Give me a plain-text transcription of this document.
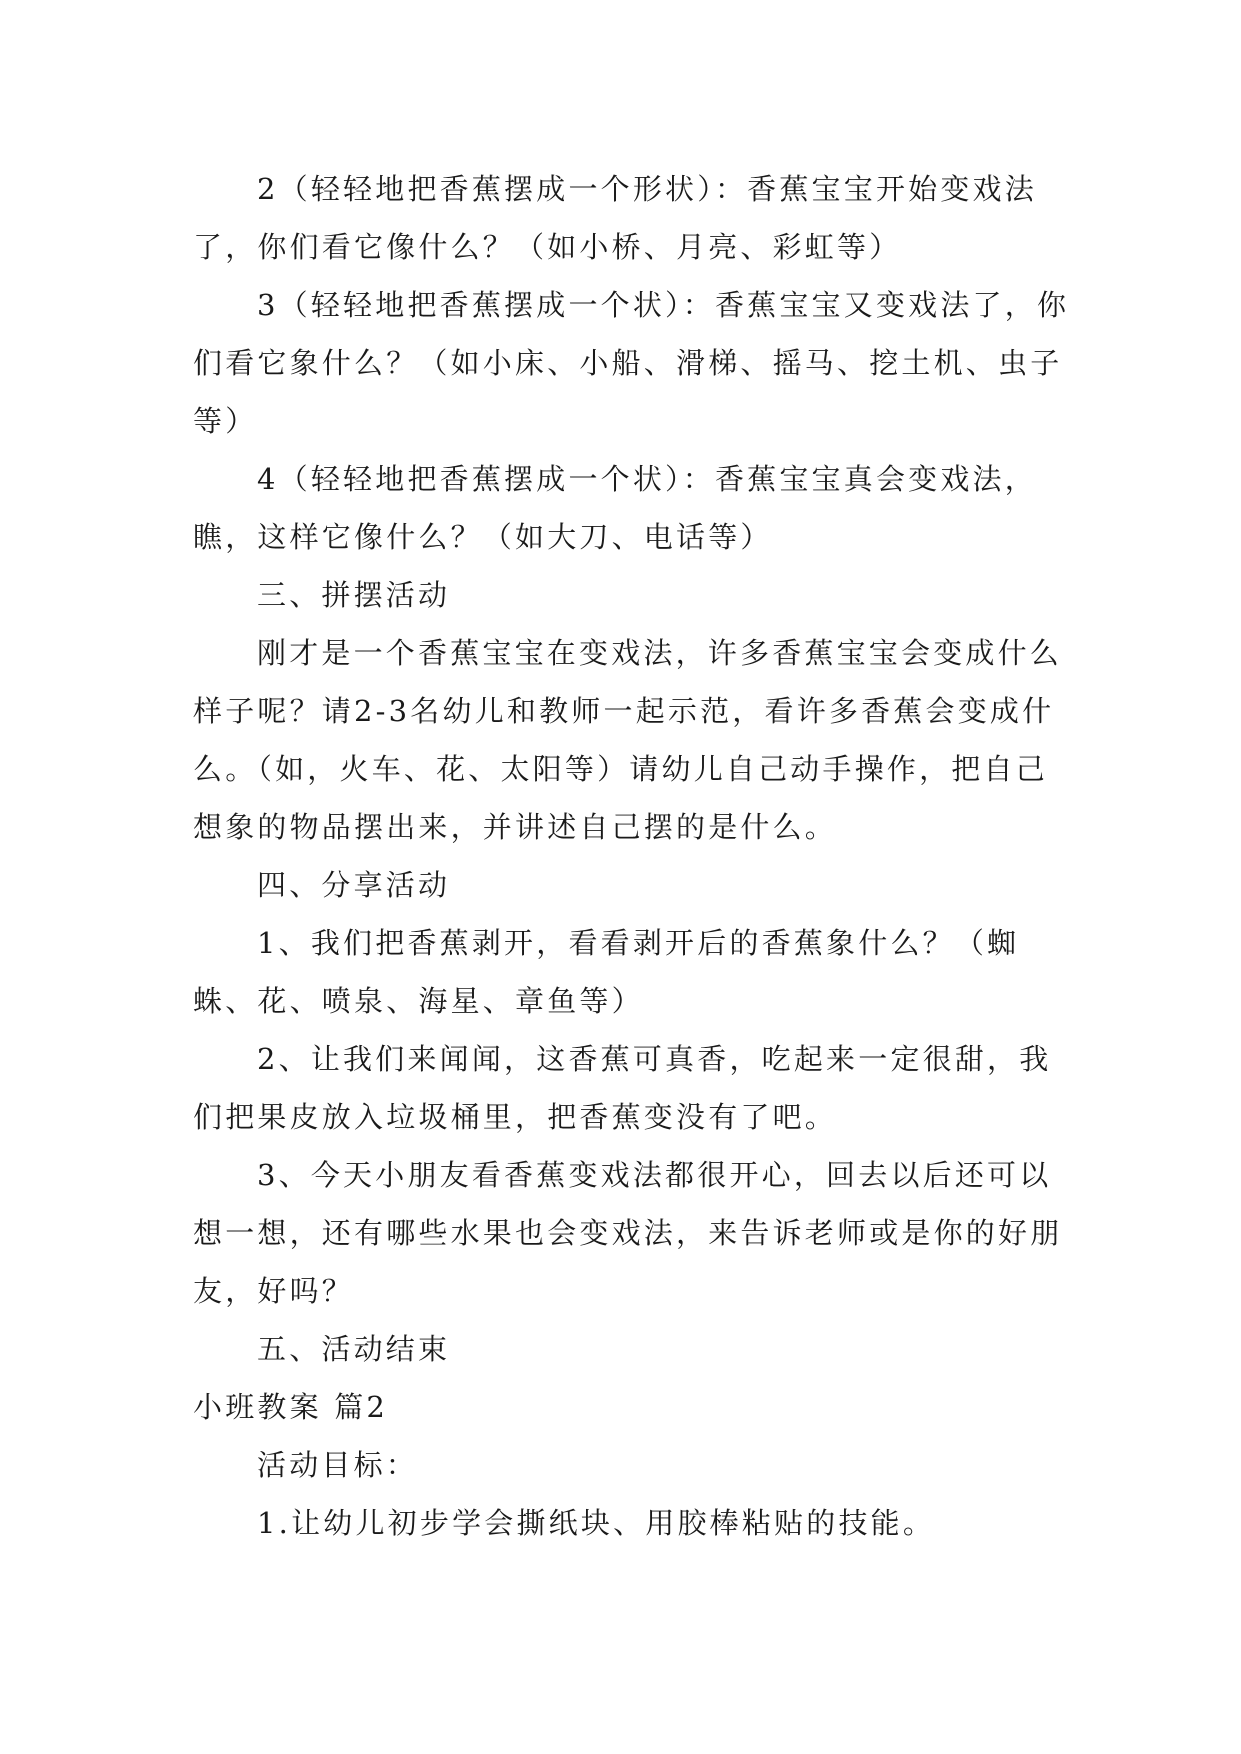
2（轻轻地把香蕉摆成一个形状）：香蕉宝宝开始变戏法了，你们看它像什么？（如小桥、月亮、彩虹等）

3（轻轻地把香蕉摆成一个状）：香蕉宝宝又变戏法了，你们看它象什么？（如小床、小船、滑梯、摇马、挖土机、虫子等）

4（轻轻地把香蕉摆成一个状）：香蕉宝宝真会变戏法，瞧，这样它像什么？（如大刀、电话等）

三、拼摆活动

刚才是一个香蕉宝宝在变戏法，许多香蕉宝宝会变成什么样子呢？请2-3名幼儿和教师一起示范，看许多香蕉会变成什么。（如，火车、花、太阳等）请幼儿自己动手操作，把自己想象的物品摆出来，并讲述自己摆的是什么。

四、分享活动

1、我们把香蕉剥开，看看剥开后的香蕉象什么？（蜘蛛、花、喷泉、海星、章鱼等）

2、让我们来闻闻，这香蕉可真香，吃起来一定很甜，我们把果皮放入垃圾桶里，把香蕉变没有了吧。

3、今天小朋友看香蕉变戏法都很开心，回去以后还可以想一想，还有哪些水果也会变戏法，来告诉老师或是你的好朋友，好吗？

五、活动结束

小班教案 篇2

活动目标：

1.让幼儿初步学会撕纸块、用胶棒粘贴的技能。
